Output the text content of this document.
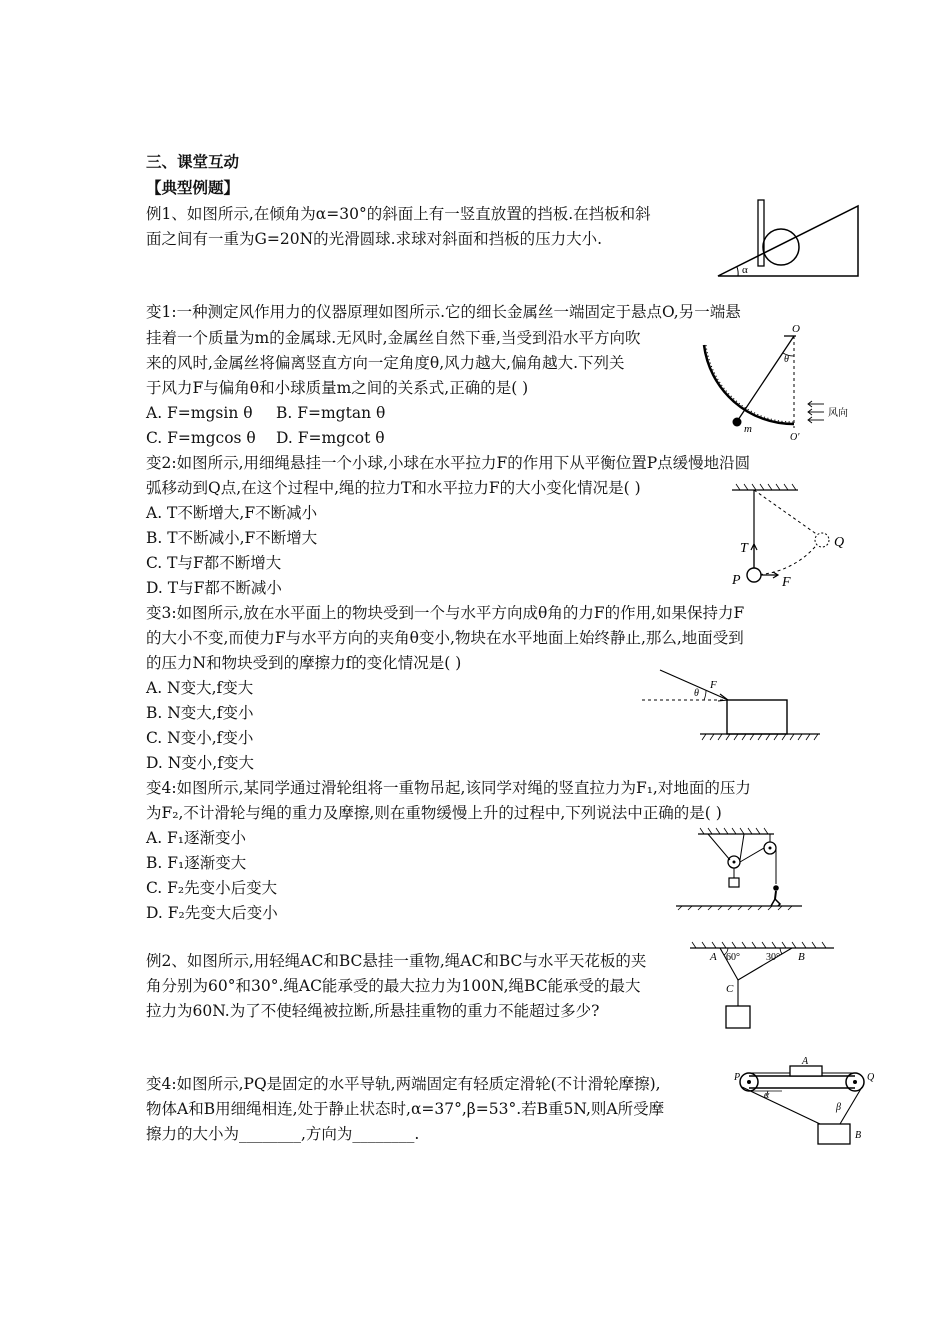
三、课堂互动
【典型例题】
例1、如图所示,在倾角为α=30°的斜面上有一竖直放置的挡板.在挡板和斜
面之间有一重为G=20N的光滑圆球.求球对斜面和挡板的压力大小.
α
变1:一种测定风作用力的仪器原理如图所示.它的细长金属丝一端固定于悬点O,另一端悬
挂着一个质量为m的金属球.无风时,金属丝自然下垂,当受到沿水平方向吹
来的风时,金属丝将偏离竖直方向一定角度θ,风力越大,偏角越大.下列关
于风力F与偏角θ和小球质量m之间的关系式,正确的是( )
A. F=mgsin θ B. F=mgtan θ
C. F=mgcos θ D. F=mgcot θ
O
θ
m
风向
O'
变2:如图所示,用细绳悬挂一个小球,小球在水平拉力F的作用下从平衡位置P点缓慢地沿圆
弧移动到Q点,在这个过程中,绳的拉力T和水平拉力F的大小变化情况是( )
A. T不断增大,F不断减小
B. T不断减小,F不断增大
C. T与F都不断增大
D. T与F都不断减小
T
P	F
Q
变3:如图所示,放在水平面上的物块受到一个与水平方向成θ角的力F的作用,如果保持力F
的大小不变,而使力F与水平方向的夹角θ变小,物块在水平地面上始终静止,那么,地面受到
的压力N和物块受到的摩擦力f的变化情况是( )
A. N变大,f变大
B. N变大,f变小
C. N变小,f变小
D. N变小,f变大
F
θ
变4:如图所示,某同学通过滑轮组将一重物吊起,该同学对绳的竖直拉力为F₁,对地面的压力
为F₂,不计滑轮与绳的重力及摩擦,则在重物缓慢上升的过程中,下列说法中正确的是( )
A. F₁逐渐变小
B. F₁逐渐变大
C. F₂先变小后变大
D. F₂先变大后变小
例2、如图所示,用轻绳AC和BC悬挂一重物,绳AC和BC与水平天花板的夹
角分别为60°和30°.绳AC能承受的最大拉力为100N,绳BC能承受的最大
拉力为60N.为了不使轻绳被拉断,所悬挂重物的重力不能超过多少?
A 60°	30° B
C
变4:如图所示,PQ是固定的水平导轨,两端固定有轻质定滑轮(不计滑轮摩擦),
物体A和B用细绳相连,处于静止状态时,α=37°,β=53°.若B重5N,则A所受摩
擦力的大小为________,方向为________.
P
A
Q
α
β
B
